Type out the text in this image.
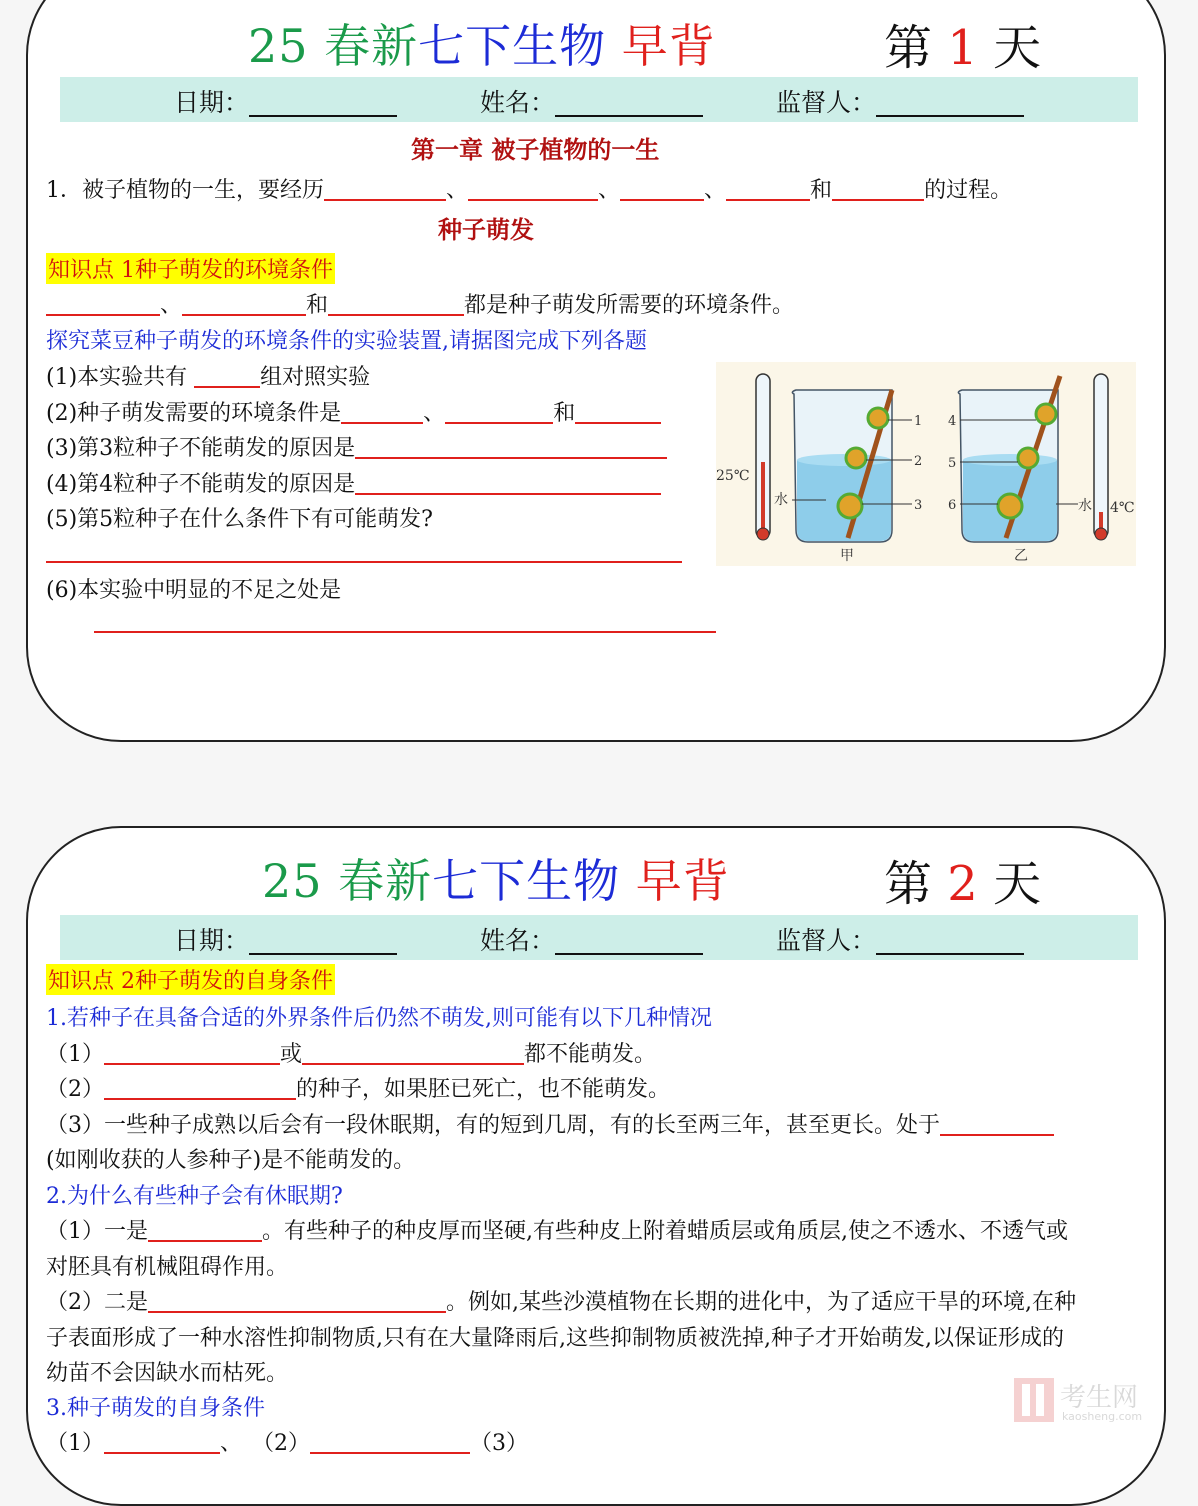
25 春新七下生物 早背	第 1 天
日期：	姓名：	监督人：
第一章 被子植物的一生
1．被子植物的一生，要经历	、	、	、	和	的过程。
种子萌发
知识点 1种子萌发的环境条件
、	和	都是种子萌发所需要的环境条件。
探究菜豆种子萌发的环境条件的实验装置,请据图完成下列各题
(1)本实验共有	组对照实验
(2)种子萌发需要的环境条件是	、	和
(3)第3粒种子不能萌发的原因是
(4)第4粒种子不能萌发的原因是
(5)第5粒种子在什么条件下有可能萌发?
(6)本实验中明显的不足之处是
25℃
1
2
3
水
甲
4
5
6	水
乙
4℃
25 春新七下生物 早背	第 2 天
日期：	姓名：	监督人：
知识点 2种子萌发的自身条件
1.若种子在具备合适的外界条件后仍然不萌发,则可能有以下几种情况
（1）	或	都不能萌发。
（2）	的种子，如果胚已死亡，也不能萌发。
（3）一些种子成熟以后会有一段休眠期，有的短到几周，有的长至两三年，甚至更长。处于
(如刚收获的人参种子)是不能萌发的。
2.为什么有些种子会有休眠期?
（1）一是	。有些种子的种皮厚而坚硬,有些种皮上附着蜡质层或角质层,使之不透水、不透气或
对胚具有机械阻碍作用。
（2）二是	。例如,某些沙漠植物在长期的进化中，为了适应干旱的环境,在种
子表面形成了一种水溶性抑制物质,只有在大量降雨后,这些抑制物质被洗掉,种子才开始萌发,以保证形成的
幼苗不会因缺水而枯死。
3.种子萌发的自身条件
（1）	、 （2）	（3）
考生网
kaosheng.com
